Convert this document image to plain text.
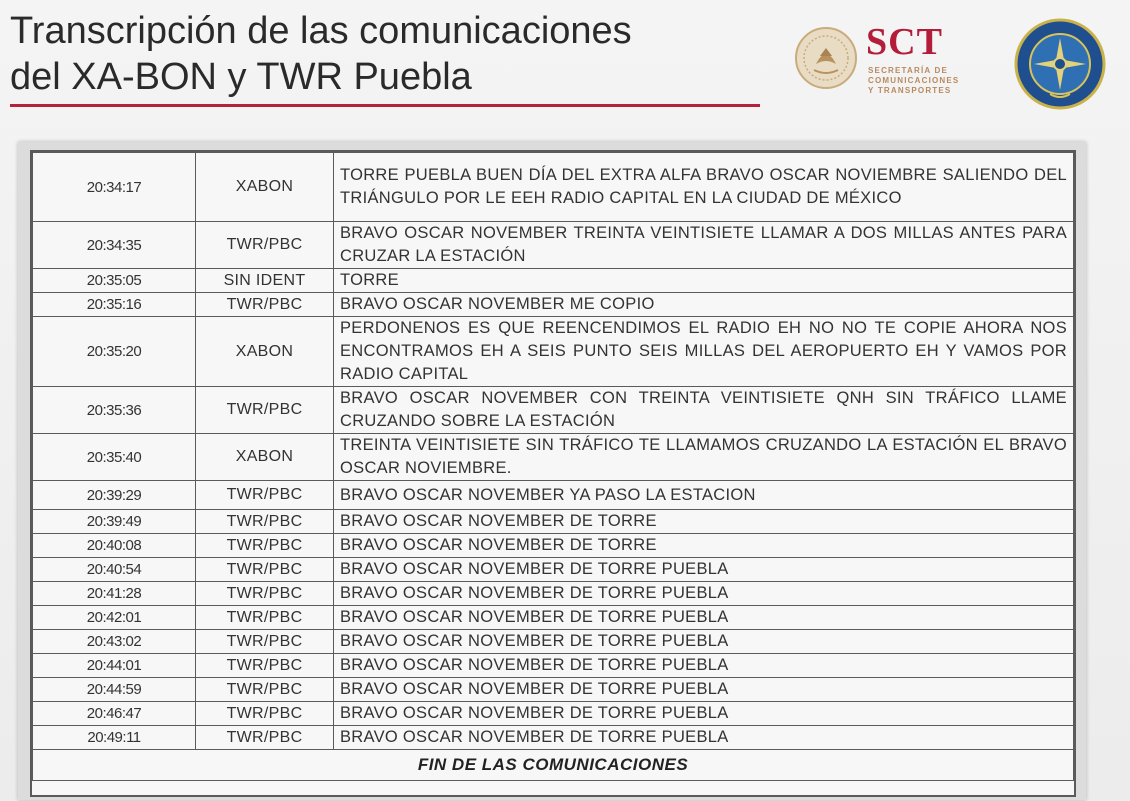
Transcripción de las comunicaciones
del XA-BON y TWR Puebla
SCT
SECRETARÍA DE
COMUNICACIONES
Y TRANSPORTES
20:34:17	XABON	TORRE PUEBLA BUEN DÍA DEL EXTRA ALFA BRAVO OSCAR NOVIEMBRE SALIENDO DEL TRIÁNGULO POR LE EEH RADIO CAPITAL EN LA CIUDAD DE MÉXICO
20:34:35	TWR/PBC	BRAVO OSCAR NOVEMBER TREINTA VEINTISIETE LLAMAR A DOS MILLAS ANTES PARA CRUZAR LA ESTACIÓN
20:35:05	SIN IDENT	TORRE
20:35:16	TWR/PBC	BRAVO OSCAR NOVEMBER ME COPIO
20:35:20	XABON	PERDONENOS ES QUE REENCENDIMOS EL RADIO EH NO NO TE COPIE AHORA NOS ENCONTRAMOS EH A SEIS PUNTO SEIS MILLAS DEL AEROPUERTO EH Y VAMOS POR RADIO CAPITAL
20:35:36	TWR/PBC	BRAVO OSCAR NOVEMBER CON TREINTA VEINTISIETE QNH SIN TRÁFICO LLAME CRUZANDO SOBRE LA ESTACIÓN
20:35:40	XABON	TREINTA VEINTISIETE SIN TRÁFICO TE LLAMAMOS CRUZANDO LA ESTACIÓN EL BRAVO OSCAR NOVIEMBRE.
20:39:29	TWR/PBC	BRAVO OSCAR NOVEMBER YA PASO LA ESTACION
20:39:49	TWR/PBC	BRAVO OSCAR NOVEMBER DE TORRE
20:40:08	TWR/PBC	BRAVO OSCAR NOVEMBER DE TORRE
20:40:54	TWR/PBC	BRAVO OSCAR NOVEMBER DE TORRE PUEBLA
20:41:28	TWR/PBC	BRAVO OSCAR NOVEMBER DE TORRE PUEBLA
20:42:01	TWR/PBC	BRAVO OSCAR NOVEMBER DE TORRE PUEBLA
20:43:02	TWR/PBC	BRAVO OSCAR NOVEMBER DE TORRE PUEBLA
20:44:01	TWR/PBC	BRAVO OSCAR NOVEMBER DE TORRE PUEBLA
20:44:59	TWR/PBC	BRAVO OSCAR NOVEMBER DE TORRE PUEBLA
20:46:47	TWR/PBC	BRAVO OSCAR NOVEMBER DE TORRE PUEBLA
20:49:11	TWR/PBC	BRAVO OSCAR NOVEMBER DE TORRE PUEBLA
FIN DE LAS COMUNICACIONES		
